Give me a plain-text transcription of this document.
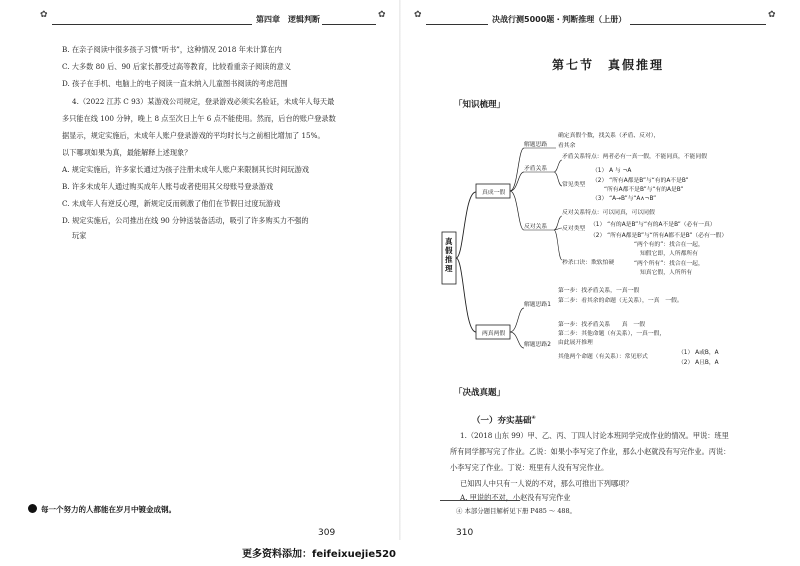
✿	第四章　逻辑判断	✿
B. 在亲子阅读中很多孩子习惯“听书”，这种情况 2018 年未计算在内
C. 大多数 80 后、90 后家长都受过高等教育，比较看重亲子阅读的意义
D. 孩子在手机、电脑上的电子阅读一直未纳入儿童图书阅读的考虑范围
4.（2022 江苏 C 93）某游戏公司规定，登录游戏必须实名验证，未成年人每天最
多只能在线 100 分钟，晚上 8 点至次日上午 6 点不能使用。然而，后台的账户登录数
据显示，规定实施后，未成年人账户登录游戏的平均时长与之前相比增加了 15%。
以下哪项如果为真，最能解释上述现象？
A. 规定实施后，许多家长通过为孩子注册未成年人账户来限制其长时间玩游戏
B. 许多未成年人通过购买成年人账号或者使用其父母账号登录游戏
C. 未成年人有逆反心理，新规定反而刺激了他们在节假日过度玩游戏
D. 规定实施后，公司推出在线 90 分钟送装备活动，吸引了许多购买力不强的
玩家
每一个努力的人都能在岁月中镀金成钢。
309
✿	决战行测5000题・判断推理（上册）	✿
第七节　真假推理
「知识梳理」
真假推理
真成一假
解题思路
确定真假个数，找关系（矛盾、反对），
看其余
矛盾关系
矛盾关系特点：两者必有一真一假，不能同真，不能同假
常见类型
（1） A 与 ¬A
（2） “所有A都是B”与“有的A不是B”
“所有A都不是B”与“有的A是B”
（3） “A→B”与“A∧¬B”
反对关系
反对关系特点：可以同真，可以同假
反对类型
（1） “有的A是B”与“有的A不是B”（必有一真）
（2） “所有A都是B”与“所有A都不是B”（必有一假）
秒杀口诀：欺软怕硬
“两个有的”：找合在一起，
知假它即，人所都所有
“两个所有”：找合在一起，
知真它假，人所所有
两真两假
解题思路1
第一步：找矛盾关系，一真一假
第二步：看其余的命题（无关系），一真　一假。
解题思路2
第一步：找矛盾关系　　真　一假
第二步：其他命题（有关系），一真一假，
由此展开推理
其他两个命题（有关系）：常见形式
（1） A或B，A
（2） A且B，A
「决战真题」
（一）夯实基础④
1.（2018 山东 99）甲、乙、丙、丁四人讨论本班同学完成作业的情况。甲说：班里
所有同学都写完了作业。乙说：如果小李写完了作业，那么小赵就没有写完作业。丙说：
小李写完了作业。丁说：班里有人没有写完作业。
已知四人中只有一人说的不对，那么可推出下列哪项？
A. 甲说的不对，小赵没有写完作业
④ 本部分题目解析见下册 P485 ～ 488。
310
更多资料添加：feifeixuejie520
